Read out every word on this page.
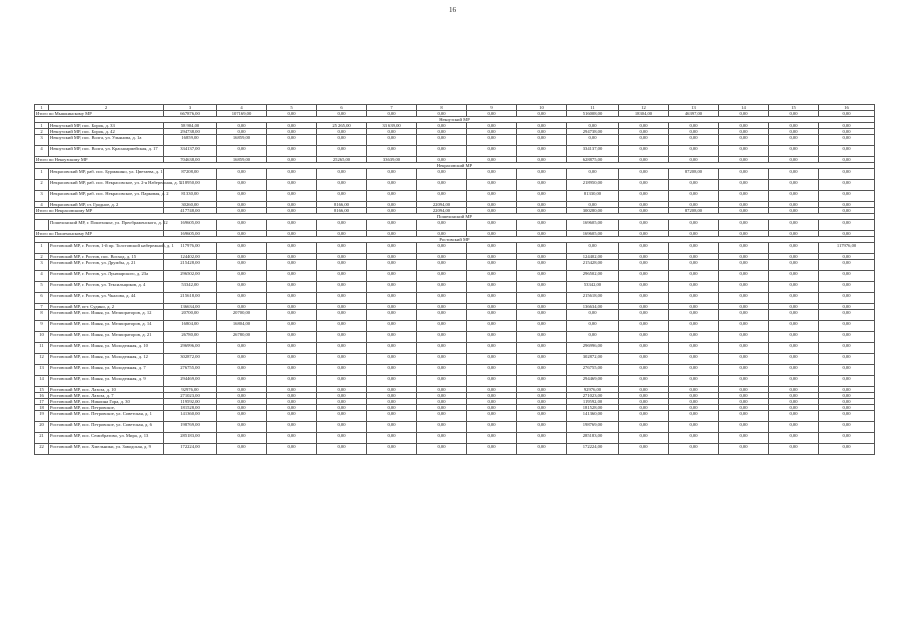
16
1	2	3	4	5	6	7	8	9	10	11	12	13	14	15	16
Итого по Мышкинскому МР		667876,00	107169,00	0,00	0,00	0,00	0,00	0,00	0,00	516008,00	18304,00	46397,00	0,00	0,00	0,00
Некоузский МР															
1	Некоузский МР, пос. Борок, д. 33	58 904,00	0,00	0,00	25 265,00	33 639,00	0,00	0,00	0,00	0,00	0,00	0,00	0,00	0,00	0,00
2	Некоузский МР, пос. Борок, д. 42	294738,00	0,00	0,00	0,00	0,00	0,00	0,00	0,00	294738,00	0,00	0,00	0,00	0,00	0,00
3	Некоузский МР, пос. Волга, ул. Ульянова, д. 1а	16859,00	16859,00	0,00	0,00	0,00	0,00	0,00	0,00	0,00	0,00	0,00	0,00	0,00	0,00
4	Некоузский МР, пос. Волга, ул. Красноармейская, д. 17	334137,00	0,00	0,00	0,00	0,00	0,00	0,00	0,00	334137,00	0,00	0,00	0,00	0,00	0,00
Итого по Некоузскому МР		704638,00	16859,00	0,00	25265,00	33639,00	0,00	0,00	0,00	628875,00	0,00	0,00	0,00	0,00	0,00
Некрасовский МР															
1	Некрасовский МР, раб. пос. Бурмакино, ул. Цветаева, д. 1	87208,00	0,00	0,00	0,00	0,00	0,00	0,00	0,00	0,00	0,00	87208,00	0,00	0,00	0,00
2	Некрасовский МР, раб. пос. Некрасовское, ул. 2-я Набережная, д. 5	218950,00	0,00	0,00	0,00	0,00	0,00	0,00	0,00	218950,00	0,00	0,00	0,00	0,00	0,00
3	Некрасовский МР, раб. пос. Некрасовское, ул. Парковая, д. 2	81330,00	0,00	0,00	0,00	0,00	0,00	0,00	0,00	81330,00	0,00	0,00	0,00	0,00	0,00
4	Некрасовский МР, ст. Гродное, д. 2	30260,00	0,00	0,00	8166,00	0,00	22094,00	0,00	0,00	0,00	0,00	0,00	0,00	0,00	0,00
Итого по Некрасовскому МР		417748,00	0,00	0,00	8166,00	0,00	22094,00	0,00	0,00	300280,00	0,00	87208,00	0,00	0,00	0,00
Пошехонский МР															
	Пошехонский МР, г. Пошехонье, ул. Преображенского, д. 12	169605,00	0,00	0,00	0,00	0,00	0,00	0,00	0,00	169605,00	0,00	0,00	0,00	0,00	0,00
Итого по Пошехонскому МР		169605,00	0,00	0,00	0,00	0,00	0,00	0,00	0,00	169605,00	0,00	0,00	0,00	0,00	0,00
Ростовский МР															
1	Ростовский МР, г. Ростов, 1-й пр. Толстовской набережной, д. 1	117976,00	0,00	0,00	0,00	0,00	0,00	0,00	0,00	0,00	0,00	0,00	0,00	0,00	117976,00
2	Ростовский МР, г. Ростов, пос. Восход, д. 15	124402,00	0,00	0,00	0,00	0,00	0,00	0,00	0,00	124402,00	0,00	0,00	0,00	0,00	0,00
3	Ростовский МР, г. Ростов, ул. Дружбы, д. 21	215428,00	0,00	0,00	0,00	0,00	0,00	0,00	0,00	215428,00	0,00	0,00	0,00	0,00	0,00
4	Ростовский МР, г. Ростов, ул. Луначарского, д. 23а	296502,00	0,00	0,00	0,00	0,00	0,00	0,00	0,00	296502,00	0,00	0,00	0,00	0,00	0,00
5	Ростовский МР, г. Ростов, ул. Тексильщиков, д. 4	53342,00	0,00	0,00	0,00	0,00	0,00	0,00	0,00	53342,00	0,00	0,00	0,00	0,00	0,00
6	Ростовский МР, г. Ростов, ул. Чкалова, д. 44	215618,00	0,00	0,00	0,00	0,00	0,00	0,00	0,00	215618,00	0,00	0,00	0,00	0,00	0,00
7	Ростовский МР, пгт. Судино, д. 2	136634,00	0,00	0,00	0,00	0,00	0,00	0,00	0,00	136634,00	0,00	0,00	0,00	0,00	0,00
8	Ростовский МР, пос. Ишня, ул. Мелиораторов, д. 12	20700,00	20700,00	0,00	0,00	0,00	0,00	0,00	0,00	0,00	0,00	0,00	0,00	0,00	0,00
9	Ростовский МР, пос. Ишня, ул. Мелиораторов, д. 14	16804,00	16804,00	0,00	0,00	0,00	0,00	0,00	0,00	0,00	0,00	0,00	0,00	0,00	0,00
10	Ростовский МР, пос. Ишня, ул. Мелиораторов, д. 21	26780,00	26780,00	0,00	0,00	0,00	0,00	0,00	0,00	0,00	0,00	0,00	0,00	0,00	0,00
11	Ростовский МР, пос. Ишня, ул. Молодежная, д. 10	296996,00	0,00	0,00	0,00	0,00	0,00	0,00	0,00	296996,00	0,00	0,00	0,00	0,00	0,00
12	Ростовский МР, пос. Ишня, ул. Молодежная, д. 12	302872,00	0,00	0,00	0,00	0,00	0,00	0,00	0,00	302872,00	0,00	0,00	0,00	0,00	0,00
13	Ростовский МР, пос. Ишня, ул. Молодежная, д. 7	276755,00	0,00	0,00	0,00	0,00	0,00	0,00	0,00	276755,00	0,00	0,00	0,00	0,00	0,00
14	Ростовский МР, пос. Ишня, ул. Молодежная, д. 9	294469,00	0,00	0,00	0,00	0,00	0,00	0,00	0,00	294469,00	0,00	0,00	0,00	0,00	0,00
15	Ростовский МР, пос. Лазоза, д. 10	92976,00	0,00	0,00	0,00	0,00	0,00	0,00	0,00	92976,00	0,00	0,00	0,00	0,00	0,00
16	Ростовский МР, пос. Лазоза, д. 7	271023,00	0,00	0,00	0,00	0,00	0,00	0,00	0,00	271023,00	0,00	0,00	0,00	0,00	0,00
17	Ростовский МР, пос. Никоина Гора, д. 30	119592,00	0,00	0,00	0,00	0,00	0,00	0,00	0,00	119592,00	0,00	0,00	0,00	0,00	0,00
18	Ростовский МР, пос. Петровское,	181528,00	0,00	0,00	0,00	0,00	0,00	0,00	0,00	181528,00	0,00	0,00	0,00	0,00	0,00
19	Ростовский МР, пос. Петровское, ул. Советская, д. 1	141360,00	0,00	0,00	0,00	0,00	0,00	0,00	0,00	141360,00	0,00	0,00	0,00	0,00	0,00
20	Ростовский МР, пос. Петровское, ул. Советская, д. 6	198769,00	0,00	0,00	0,00	0,00	0,00	0,00	0,00	198769,00	0,00	0,00	0,00	0,00	0,00
21	Ростовский МР, пос. Семибратово, ул. Мира, д. 13	285183,00	0,00	0,00	0,00	0,00	0,00	0,00	0,00	285183,00	0,00	0,00	0,00	0,00	0,00
22	Ростовский МР, пос. Хмельники, ул. Заводская, д. 9	172224,00	0,00	0,00	0,00	0,00	0,00	0,00	0,00	172224,00	0,00	0,00	0,00	0,00	0,00
